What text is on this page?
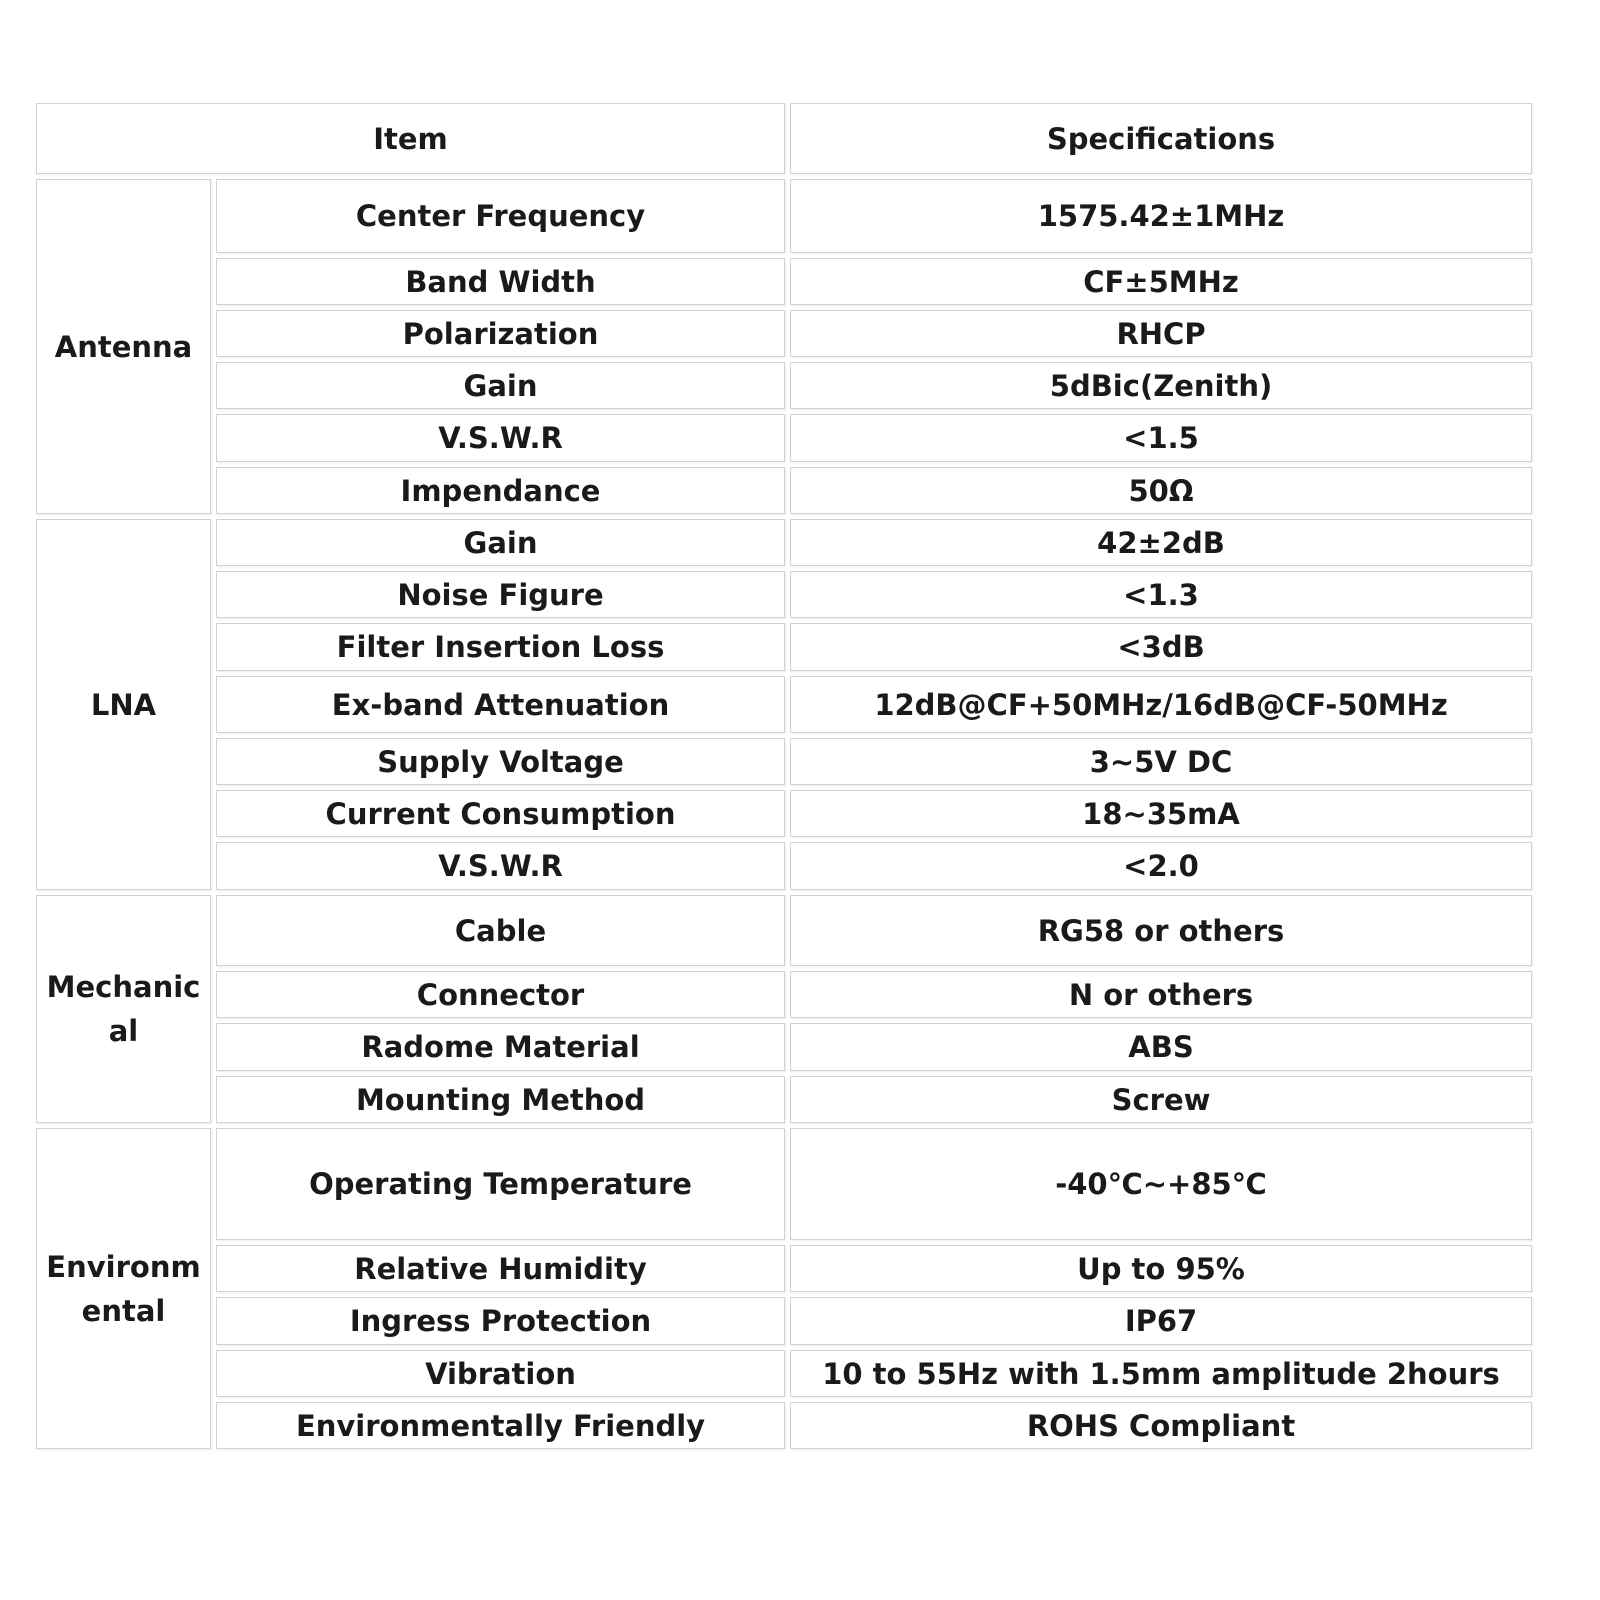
Item		Specifications
Antenna	Center Frequency	1575.42±1MHz
	Band Width	CF±5MHz
	Polarization	RHCP
	Gain	5dBic(Zenith)
	V.S.W.R	<1.5
	Impendance	50Ω
LNA	Gain	42±2dB
	Noise Figure	<1.3
	Filter Insertion Loss	<3dB
	Ex-band Attenuation	12dB@CF+50MHz/16dB@CF-50MHz
	Supply Voltage	3~5V DC
	Current Consumption	18~35mA
	V.S.W.R	<2.0
Mechanical	Cable	RG58 or others
	Connector	N or others
	Radome Material	ABS
	Mounting Method	Screw
Environmental	Operating Temperature	-40℃~+85℃
	Relative Humidity	Up to 95%
	Ingress Protection	IP67
	Vibration	10 to 55Hz with 1.5mm amplitude 2hours
	Environmentally Friendly	ROHS Compliant
